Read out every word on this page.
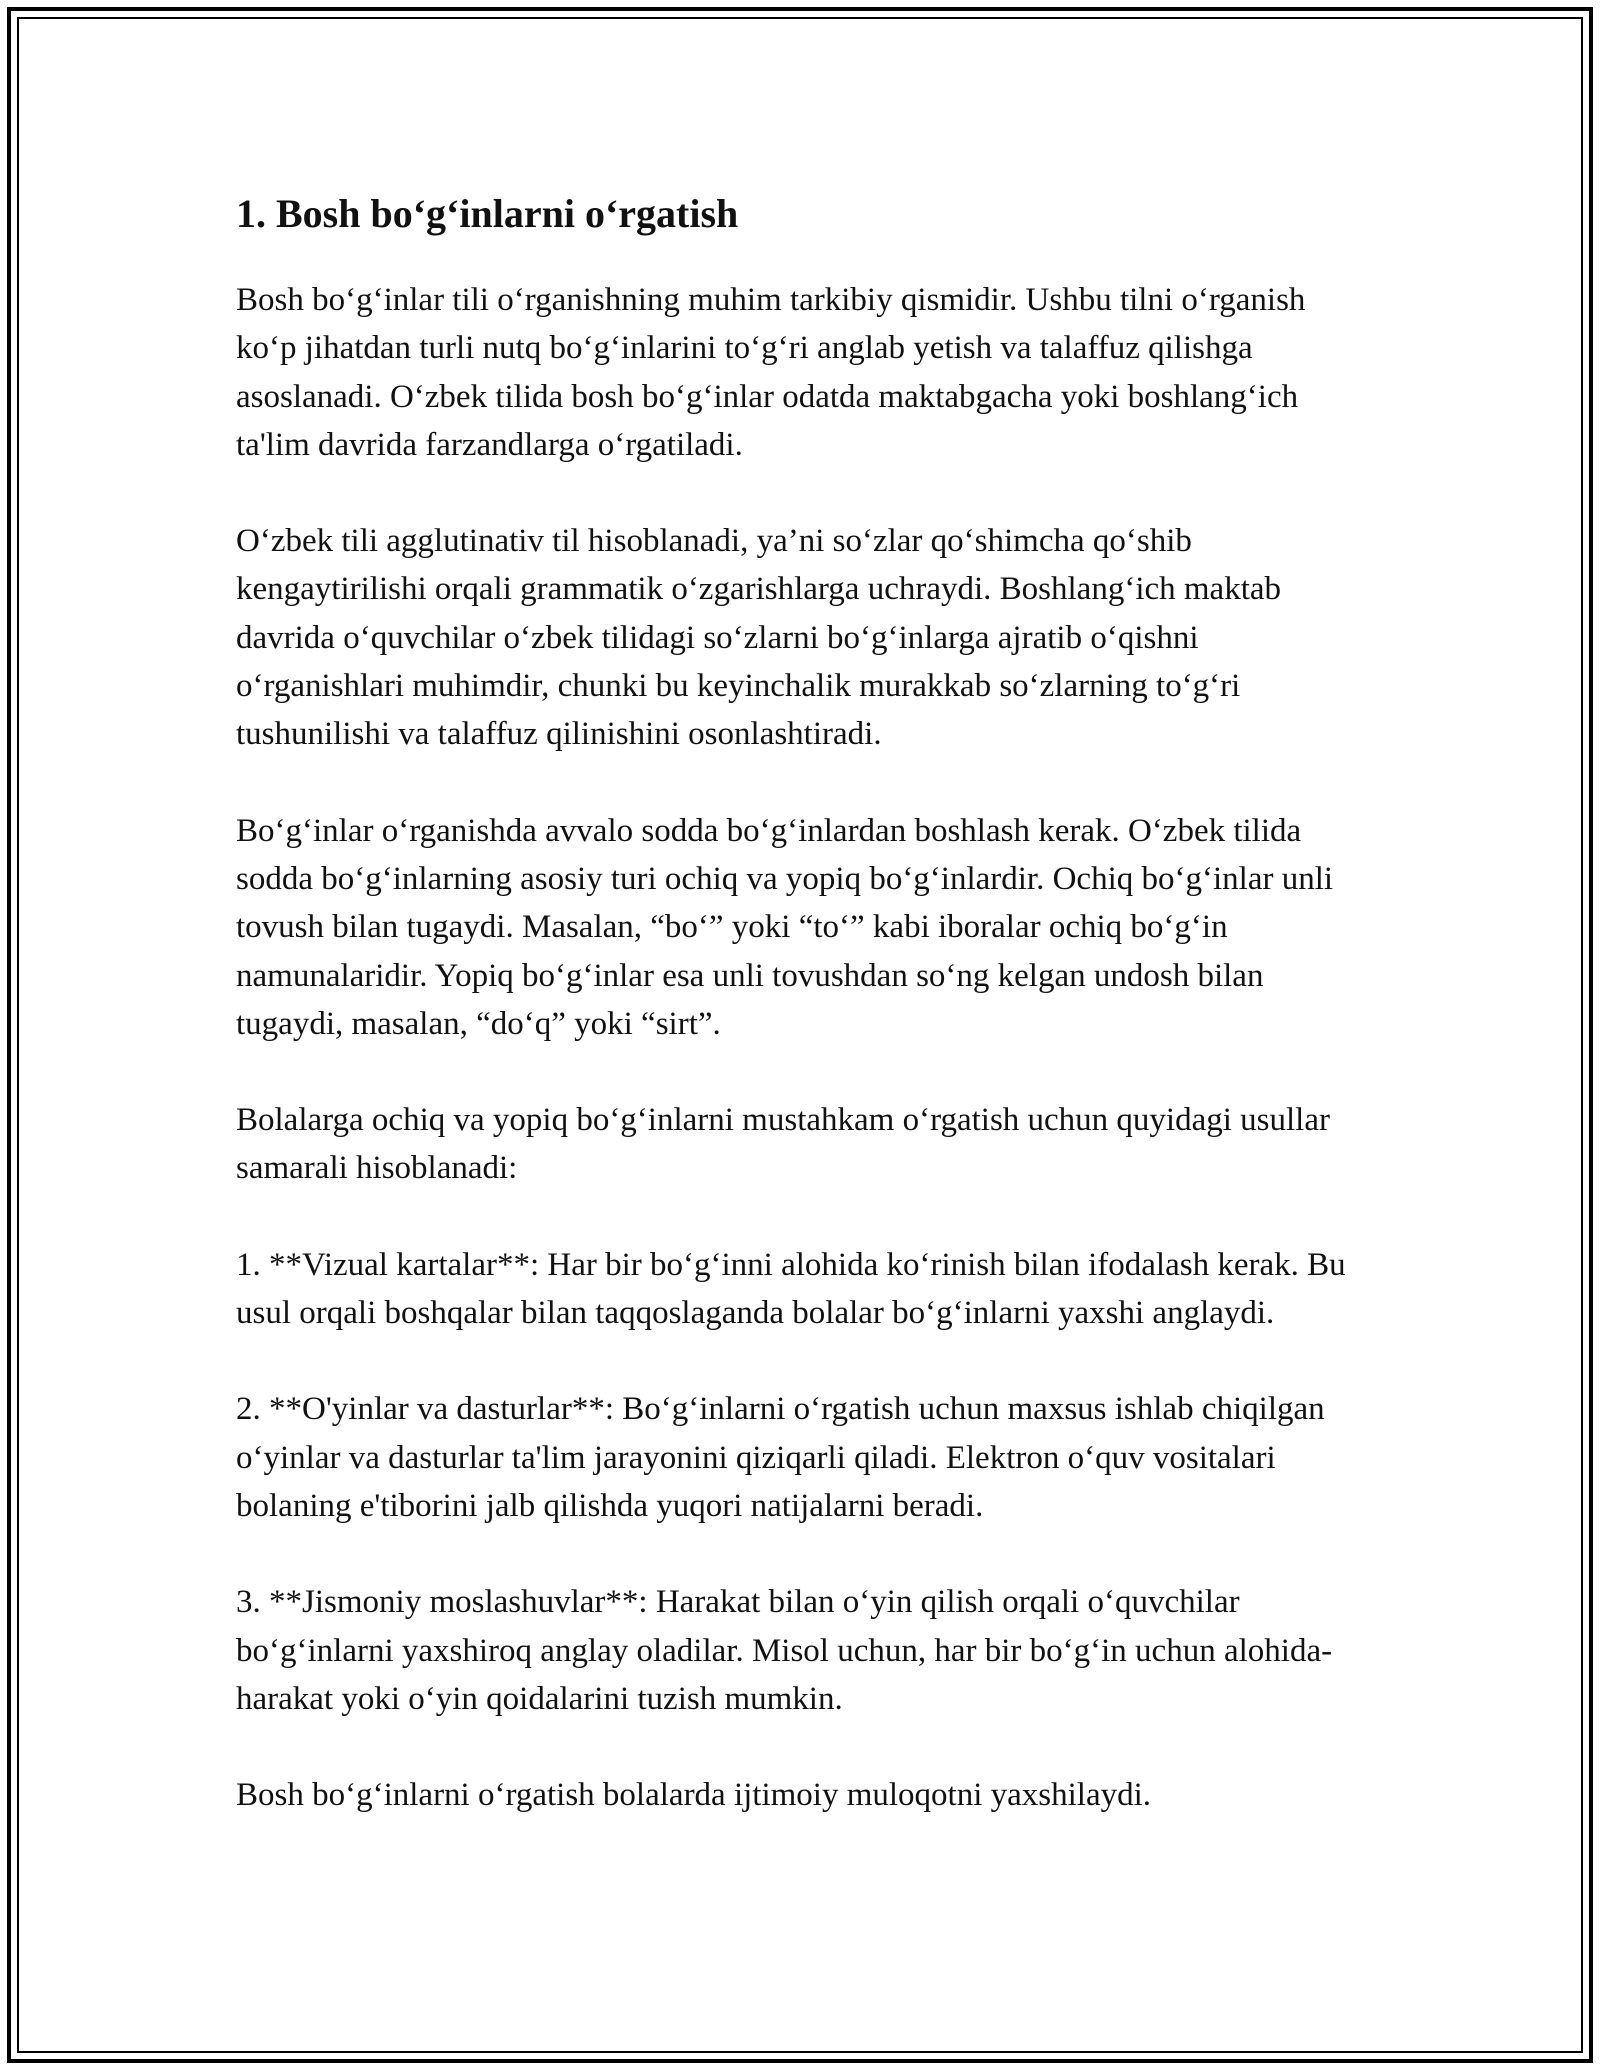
1. Bosh bo‘g‘inlarni o‘rgatish

Bosh bo‘g‘inlar tili o‘rganishning muhim tarkibiy qismidir. Ushbu tilni o‘rganish ko‘p jihatdan turli nutq bo‘g‘inlarini to‘g‘ri anglab yetish va talaffuz qilishga asoslanadi. O‘zbek tilida bosh bo‘g‘inlar odatda maktabgacha yoki boshlang‘ich ta'lim davrida farzandlarga o‘rgatiladi.

O‘zbek tili agglutinativ til hisoblanadi, ya’ni so‘zlar qo‘shimcha qo‘shib kengaytirilishi orqali grammatik o‘zgarishlarga uchraydi. Boshlang‘ich maktab davrida o‘quvchilar o‘zbek tilidagi so‘zlarni bo‘g‘inlarga ajratib o‘qishni o‘rganishlari muhimdir, chunki bu keyinchalik murakkab so‘zlarning to‘g‘ri tushunilishi va talaffuz qilinishini osonlashtiradi.

Bo‘g‘inlar o‘rganishda avvalo sodda bo‘g‘inlardan boshlash kerak. O‘zbek tilida sodda bo‘g‘inlarning asosiy turi ochiq va yopiq bo‘g‘inlardir. Ochiq bo‘g‘inlar unli tovush bilan tugaydi. Masalan, “bo‘” yoki “to‘” kabi iboralar ochiq bo‘g‘in namunalaridir. Yopiq bo‘g‘inlar esa unli tovushdan so‘ng kelgan undosh bilan tugaydi, masalan, “do‘q” yoki “sirt”.

Bolalarga ochiq va yopiq bo‘g‘inlarni mustahkam o‘rgatish uchun quyidagi usullar samarali hisoblanadi:

1. **Vizual kartalar**: Har bir bo‘g‘inni alohida ko‘rinish bilan ifodalash kerak. Bu usul orqali boshqalar bilan taqqoslaganda bolalar bo‘g‘inlarni yaxshi anglaydi.

2. **O'yinlar va dasturlar**: Bo‘g‘inlarni o‘rgatish uchun maxsus ishlab chiqilgan o‘yinlar va dasturlar ta'lim jarayonini qiziqarli qiladi. Elektron o‘quv vositalari bolaning e'tiborini jalb qilishda yuqori natijalarni beradi.

3. **Jismoniy moslashuvlar**: Harakat bilan o‘yin qilish orqali o‘quvchilar bo‘g‘inlarni yaxshiroq anglay oladilar. Misol uchun, har bir bo‘g‘in uchun alohida-harakat yoki o‘yin qoidalarini tuzish mumkin.

Bosh bo‘g‘inlarni o‘rgatish bolalarda ijtimoiy muloqotni yaxshilaydi.
